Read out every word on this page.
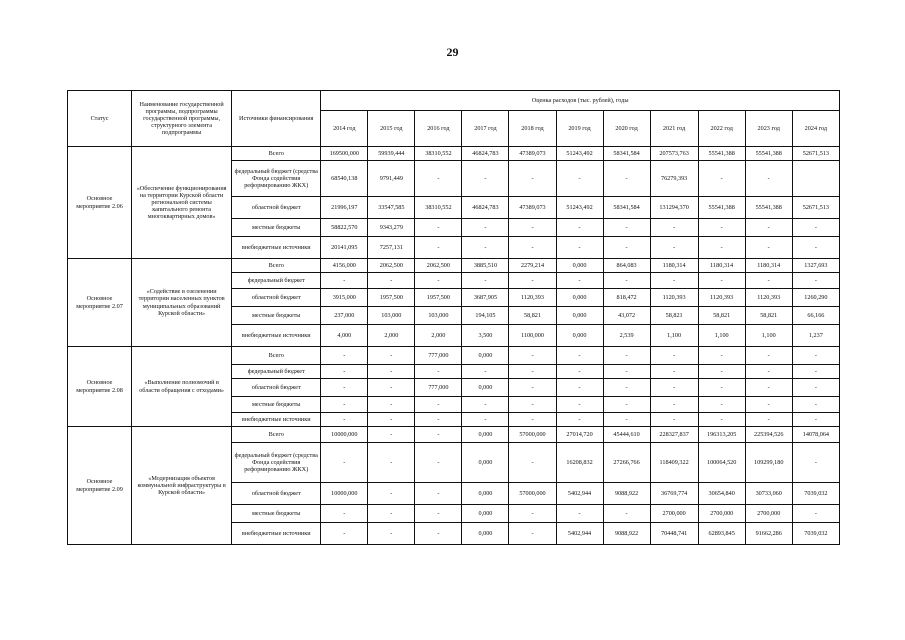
29
Статус	Наименование государственной программы, подпрограммы государственной программы, структурного элемента подпрограммы	Источники финансирования	Оценка расходов (тыс. рублей), годы										
			2014 год	2015 год	2016 год	2017 год	2018 год	2019 год	2020 год	2021 год	2022 год	2023 год	2024 год
Основное мероприятие 2.06	«Обеспечение функционирования на территории Курской области региональной системы капитального ремонта многоквартирных домов»	Всего	169500,000	59939,444	38310,552	46824,783	47389,073	51243,492	58341,584	207573,763	55541,388	55541,388	52671,513
		федеральный бюджет (средства Фонда содействия реформированию ЖКХ)	68540,138	9791,449	-	-	-	-	-	76279,393	-	-	
		областной бюджет	21996,197	33547,585	38310,552	46824,783	47389,073	51243,492	58341,584	131294,370	55541,388	55541,388	52671,513
		местные бюджеты	58822,570	9343,279	-	-	-	-	-	-	-	-	-
		внебюджетные источники	20141,095	7257,131	-	-	-	-	-	-	-	-	-
Основное мероприятие 2.07	«Содействие в озеленении территории населенных пунктов муниципальных образований Курской области»	Всего	4156,000	2062,500	2062,500	3885,510	2279,214	0,000	864,083	1180,314	1180,314	1180,314	1327,693
		федеральный бюджет	-	-	-	-	-	-	-	-	-	-	-
		областной бюджет	3915,000	1957,500	1957,500	3687,905	1120,393	0,000	818,472	1120,393	1120,393	1120,393	1260,290
		местные бюджеты	237,000	103,000	103,000	194,105	58,821	0,000	43,072	58,821	58,821	58,821	66,166
		внебюджетные источники	4,000	2,000	2,000	3,500	1100,000	0,000	2,539	1,100	1,100	1,100	1,237
Основное мероприятие 2.08	«Выполнение полномочий в области обращения с отходами»	Всего	-	-	777,000	0,000	-	-	-	-	-	-	-
		федеральный бюджет	-	-	-	-	-	-	-	-	-	-	-
		областной бюджет	-	-	777,000	0,000	-	-	-	-	-	-	-
		местные бюджеты	-	-	-	-	-	-	-	-	-	-	-
		внебюджетные источники	-	-	-	-	-	-	-	-	-	-	-
Основное мероприятие 2.09	«Модернизация объектов коммунальной инфраструктуры в Курской области»	Всего	10000,000	-	-	0,000	57000,000	27014,720	45444,610	228327,837	196313,205	225394,526	14078,064
		федеральный бюджет (средства Фонда содействия реформированию ЖКХ)	-	-	-	0,000	-	16208,832	27266,766	118409,322	100064,520	109299,180	-
		областной бюджет	10000,000	-	-	0,000	57000,000	5402,944	9088,922	36769,774	30654,840	30733,060	7039,032
		местные бюджеты	-	-	-	0,000	-	-	-	2700,000	2700,000	2700,000	-
		внебюджетные источники	-	-	-	0,000	-	5402,944	9088,922	70448,741	62893,845	91662,286	7039,032
